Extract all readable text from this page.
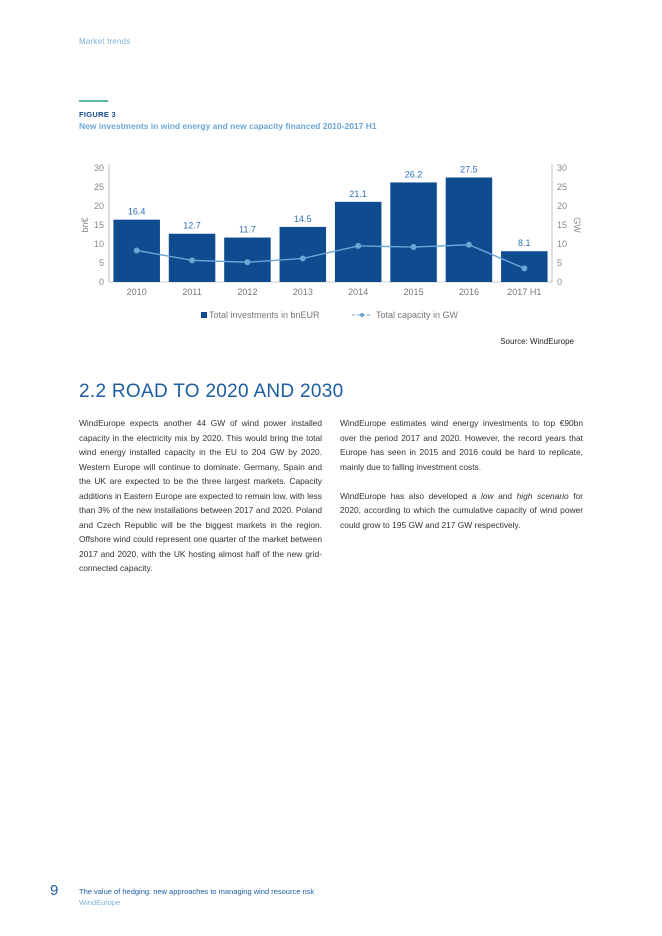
Market trends
FIGURE 3
New investments in wind energy and new capacity financed 2010-2017 H1
0
5
10
15
20
25
30
0
5
10
15
20
25
30
bn€	GW
16.4
2010
12.7
2011
11.7
2012
14.5
2013
21.1
2014
26.2
2015
27.5
2016
8.1
2017 H1
Total investments in bnEUR	Total capacity in GW
Source: WindEurope
2.2 ROAD TO 2020 AND 2030

WindEurope expects another 44 GW of wind power installed capacity in the electricity mix by 2020. This would bring the total wind energy installed capacity in the EU to 204 GW by 2020. Western Europe will continue to dominate. Germany, Spain and the UK are expected to be the three largest markets. Capacity additions in Eastern Europe are expected to remain low, with less than 3% of the new installations between 2017 and 2020. Poland and Czech Republic will be the biggest markets in the region. Offshore wind could represent one quarter of the market between 2017 and 2020, with the UK hosting almost half of the new grid-connected capacity.

WindEurope estimates wind energy investments to top €90bn over the period 2017 and 2020. However, the record years that Europe has seen in 2015 and 2016 could be hard to replicate, mainly due to falling investment costs.

WindEurope has also developed a low and high scenario for 2020, according to which the cumulative capacity of wind power could grow to 195 GW and 217 GW respectively.

9	The value of hedging: new approaches to managing wind resource risk
WindEurope
